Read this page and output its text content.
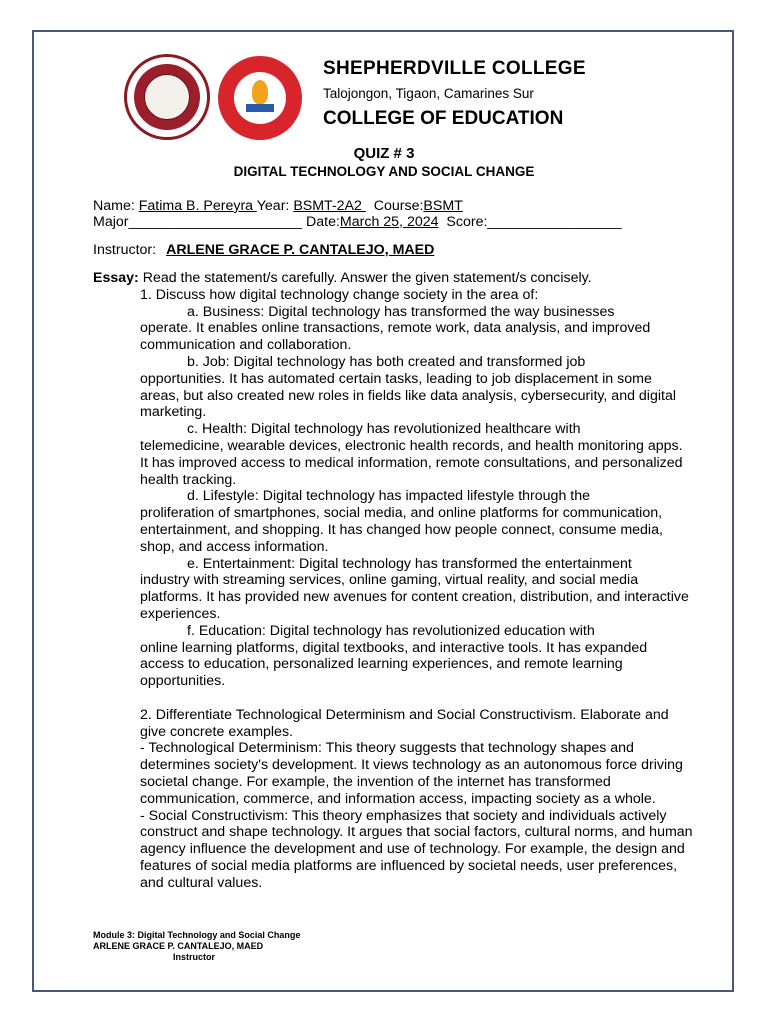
SHEPHERDVILLE COLLEGE
Talojongon, Tigaon, Camarines Sur
COLLEGE OF EDUCATION
QUIZ # 3
DIGITAL TECHNOLOGY AND SOCIAL CHANGE
Name: Fatima B. Pereyra Year: BSMT-2A2   Course:BSMT
Major______________________ Date:March 25, 2024  Score:_________________
Instructor: ARLENE GRACE P. CANTALEJO, MAED

Essay: Read the statement/s carefully. Answer the given statement/s concisely.

1. Discuss how digital technology change society in the area of:

a. Business: Digital technology has transformed the way businesses

operate. It enables online transactions, remote work, data analysis, and improved communication and collaboration.

b. Job: Digital technology has both created and transformed job

opportunities. It has automated certain tasks, leading to job displacement in some areas, but also created new roles in fields like data analysis, cybersecurity, and digital marketing.

c. Health: Digital technology has revolutionized healthcare with

telemedicine, wearable devices, electronic health records, and health monitoring apps. It has improved access to medical information, remote consultations, and personalized health tracking.

d. Lifestyle: Digital technology has impacted lifestyle through the

proliferation of smartphones, social media, and online platforms for communication, entertainment, and shopping. It has changed how people connect, consume media, shop, and access information.

e. Entertainment: Digital technology has transformed the entertainment

industry with streaming services, online gaming, virtual reality, and social media platforms. It has provided new avenues for content creation, distribution, and interactive experiences.

f. Education: Digital technology has revolutionized education with

online learning platforms, digital textbooks, and interactive tools. It has expanded access to education, personalized learning experiences, and remote learning opportunities.

2. Differentiate Technological Determinism and Social Constructivism. Elaborate and give concrete examples.

- Technological Determinism: This theory suggests that technology shapes and determines society's development. It views technology as an autonomous force driving societal change. For example, the invention of the internet has transformed communication, commerce, and information access, impacting society as a whole.

- Social Constructivism: This theory emphasizes that society and individuals actively construct and shape technology. It argues that social factors, cultural norms, and human agency influence the development and use of technology. For example, the design and features of social media platforms are influenced by societal needs, user preferences, and cultural values.

Module 3: Digital Technology and Social Change
ARLENE GRACE P. CANTALEJO, MAED
Instructor
